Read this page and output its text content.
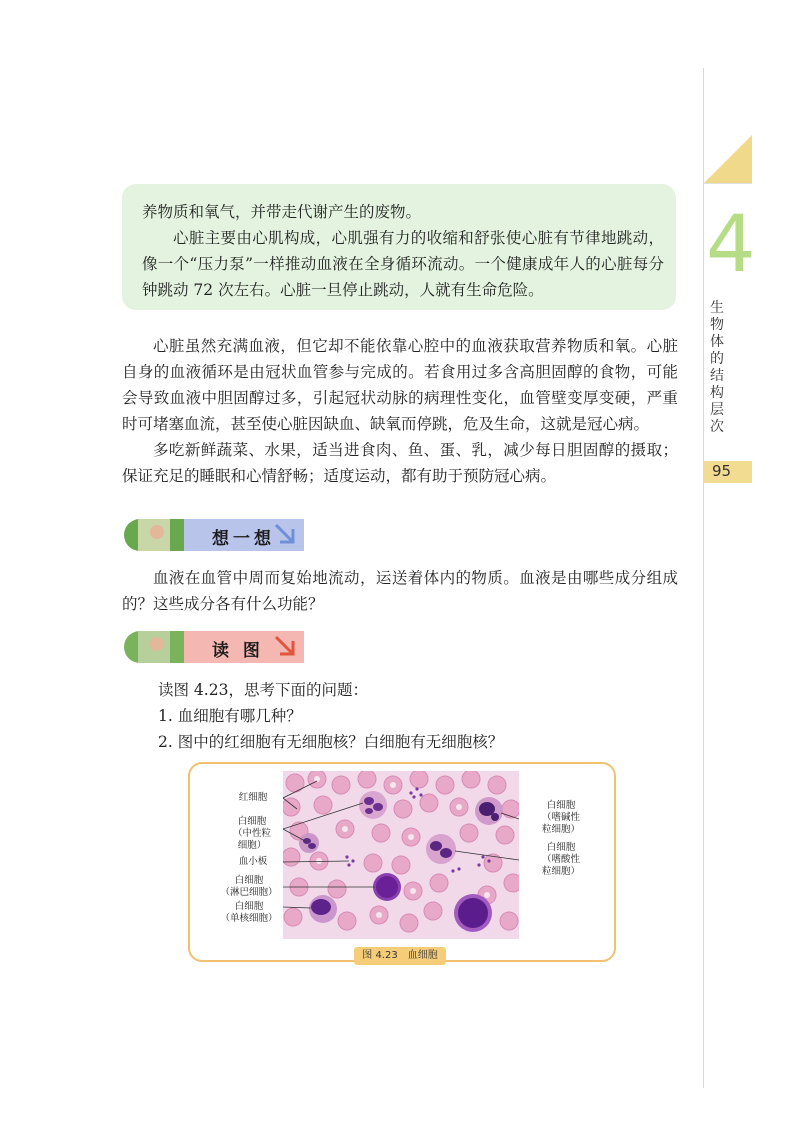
4
生物体的结构层次
95

养物质和氧气，并带走代谢产生的废物。

心脏主要由心肌构成，心肌强有力的收缩和舒张使心脏有节律地跳动，像一个“压力泵”一样推动血液在全身循环流动。一个健康成年人的心脏每分钟跳动 72 次左右。心脏一旦停止跳动，人就有生命危险。

心脏虽然充满血液，但它却不能依靠心腔中的血液获取营养物质和氧。心脏自身的血液循环是由冠状血管参与完成的。若食用过多含高胆固醇的食物，可能会导致血液中胆固醇过多，引起冠状动脉的病理性变化，血管壁变厚变硬，严重时可堵塞血流，甚至使心脏因缺血、缺氧而停跳，危及生命，这就是冠心病。

多吃新鲜蔬菜、水果，适当进食肉、鱼、蛋、乳，减少每日胆固醇的摄取；保证充足的睡眠和心情舒畅；适度运动，都有助于预防冠心病。

想一想

血液在血管中周而复始地流动，运送着体内的物质。血液是由哪些成分组成的？这些成分各有什么功能？

读 图

读图 4.23，思考下面的问题：

1. 血细胞有哪几种？

2. 图中的红细胞有无细胞核？白细胞有无细胞核？

红细胞
白细胞
（中性粒
细胞）
血小板
白细胞
（淋巴细胞）
白细胞
（单核细胞）
白细胞
（嗜碱性
粒细胞）
白细胞
（嗜酸性
粒细胞）
图 4.23　血细胞
